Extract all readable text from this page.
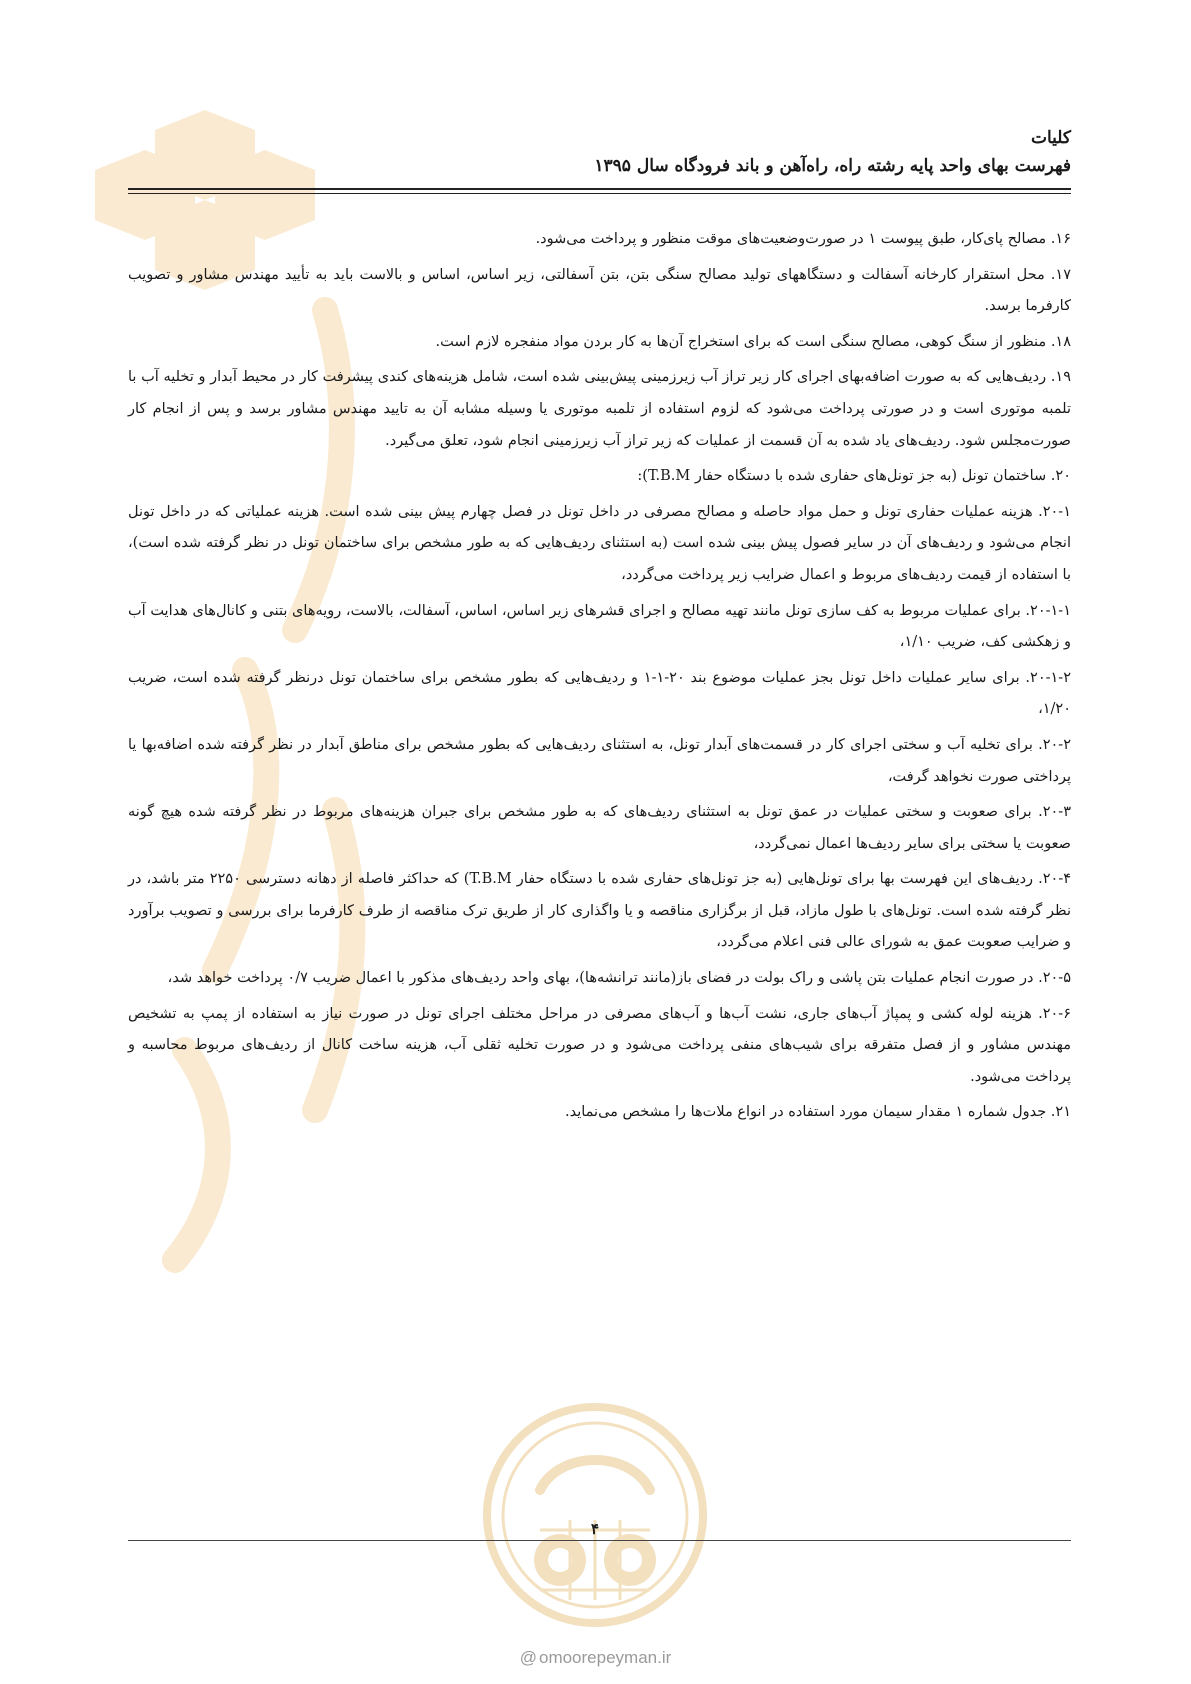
کلیات
فهرست بهای واحد پایه رشته راه، راه‌آهن و باند فرودگاه سال ۱۳۹۵

۱۶. مصالح پای‌کار، طبق پیوست ۱ در صورت‌وضعیت‌های موقت منظور و پرداخت می‌شود.

۱۷. محل استقرار کارخانه آسفالت و دستگاههای تولید مصالح سنگی بتن، بتن آسفالتی، زیر اساس، اساس و بالاست باید به تأیید مهندس مشاور و تصویب کارفرما برسد.

۱۸. منظور از سنگ کوهی، مصالح سنگی است که برای استخراج آن‌ها به کار بردن مواد منفجره لازم است.

۱۹. ردیف‌هایی که به صورت اضافه‌بهای اجرای کار زیر تراز آب زیرزمینی پیش‌بینی شده است، شامل هزینه‌های کندی پیشرفت کار در محیط آبدار و تخلیه آب با تلمبه موتوری است و در صورتی پرداخت می‌شود که لزوم استفاده از تلمبه موتوری یا وسیله مشابه آن به تایید مهندس مشاور برسد و پس از انجام کار صورت‌مجلس شود. ردیف‌های یاد شده به آن قسمت از عملیات که زیر تراز آب زیرزمینی انجام شود، تعلق می‌گیرد.

۲۰. ساختمان تونل (به جز تونل‌های حفاری شده با دستگاه حفار T.B.M):

۲۰-۱. هزینه عملیات حفاری تونل و حمل مواد حاصله و مصالح مصرفی در داخل تونل در فصل چهارم پیش بینی شده است. هزینه عملیاتی که در داخل تونل انجام می‌شود و ردیف‌های آن در سایر فصول پیش بینی شده است (به استثنای ردیف‌هایی که به طور مشخص برای ساختمان تونل در نظر گرفته شده است)، با استفاده از قیمت ردیف‌های مربوط و اعمال ضرایب زیر پرداخت می‌گردد،

۲۰-۱-۱. برای عملیات مربوط به کف سازی تونل مانند تهیه مصالح و اجرای قشرهای زیر اساس، اساس، آسفالت، بالاست، رویه‌های بتنی و کانال‌های هدایت آب و زهکشی کف، ضریب ۱/۱۰،

۲۰-۱-۲. برای سایر عملیات داخل تونل بجز عملیات موضوع بند ۲۰-۱-۱ و ردیف‌هایی که بطور مشخص برای ساختمان تونل درنظر گرفته شده است، ضریب ۱/۲۰،

۲۰-۲. برای تخلیه آب و سختی اجرای کار در قسمت‌های آبدار تونل، به استثنای ردیف‌هایی که بطور مشخص برای مناطق آبدار در نظر گرفته شده اضافه‌بها یا پرداختی صورت نخواهد گرفت،

۲۰-۳. برای صعوبت و سختی عملیات در عمق تونل به استثنای ردیف‌های که به طور مشخص برای جبران هزینه‌های مربوط در نظر گرفته شده هیچ گونه صعوبت یا سختی برای سایر ردیف‌ها اعمال نمی‌گردد،

۲۰-۴. ردیف‌های این فهرست بها برای تونل‌هایی (به جز تونل‌های حفاری شده با دستگاه حفار T.B.M) که حداکثر فاصله از دهانه دسترسی ۲۲۵۰ متر باشد، در نظر گرفته شده است. تونل‌های با طول مازاد، قبل از برگزاری مناقصه و یا واگذاری کار از طریق ترک مناقصه از طرف کارفرما برای بررسی و تصویب برآورد و ضرایب صعوبت عمق به شورای عالی فنی اعلام می‌گردد،

۲۰-۵. در صورت انجام عملیات بتن پاشی و راک بولت در فضای باز(مانند ترانشه‌ها)، بهای واحد ردیف‌های مذکور با اعمال ضریب ۰/۷ پرداخت خواهد شد،

۲۰-۶. هزینه لوله کشی و پمپاژ آب‌های جاری، نشت آب‌ها و آب‌های مصرفی در مراحل مختلف اجرای تونل در صورت نیاز به استفاده از پمپ به تشخیص مهندس مشاور و از فصل متفرقه برای شیب‌های منفی پرداخت می‌شود و در صورت تخلیه ثقلی آب، هزینه ساخت کانال از ردیف‌های مربوط محاسبه و پرداخت می‌شود.

۲۱. جدول شماره ۱ مقدار سیمان مورد استفاده در انواع ملات‌ها را مشخص می‌نماید.

۴
@ omoorepeyman.ir
